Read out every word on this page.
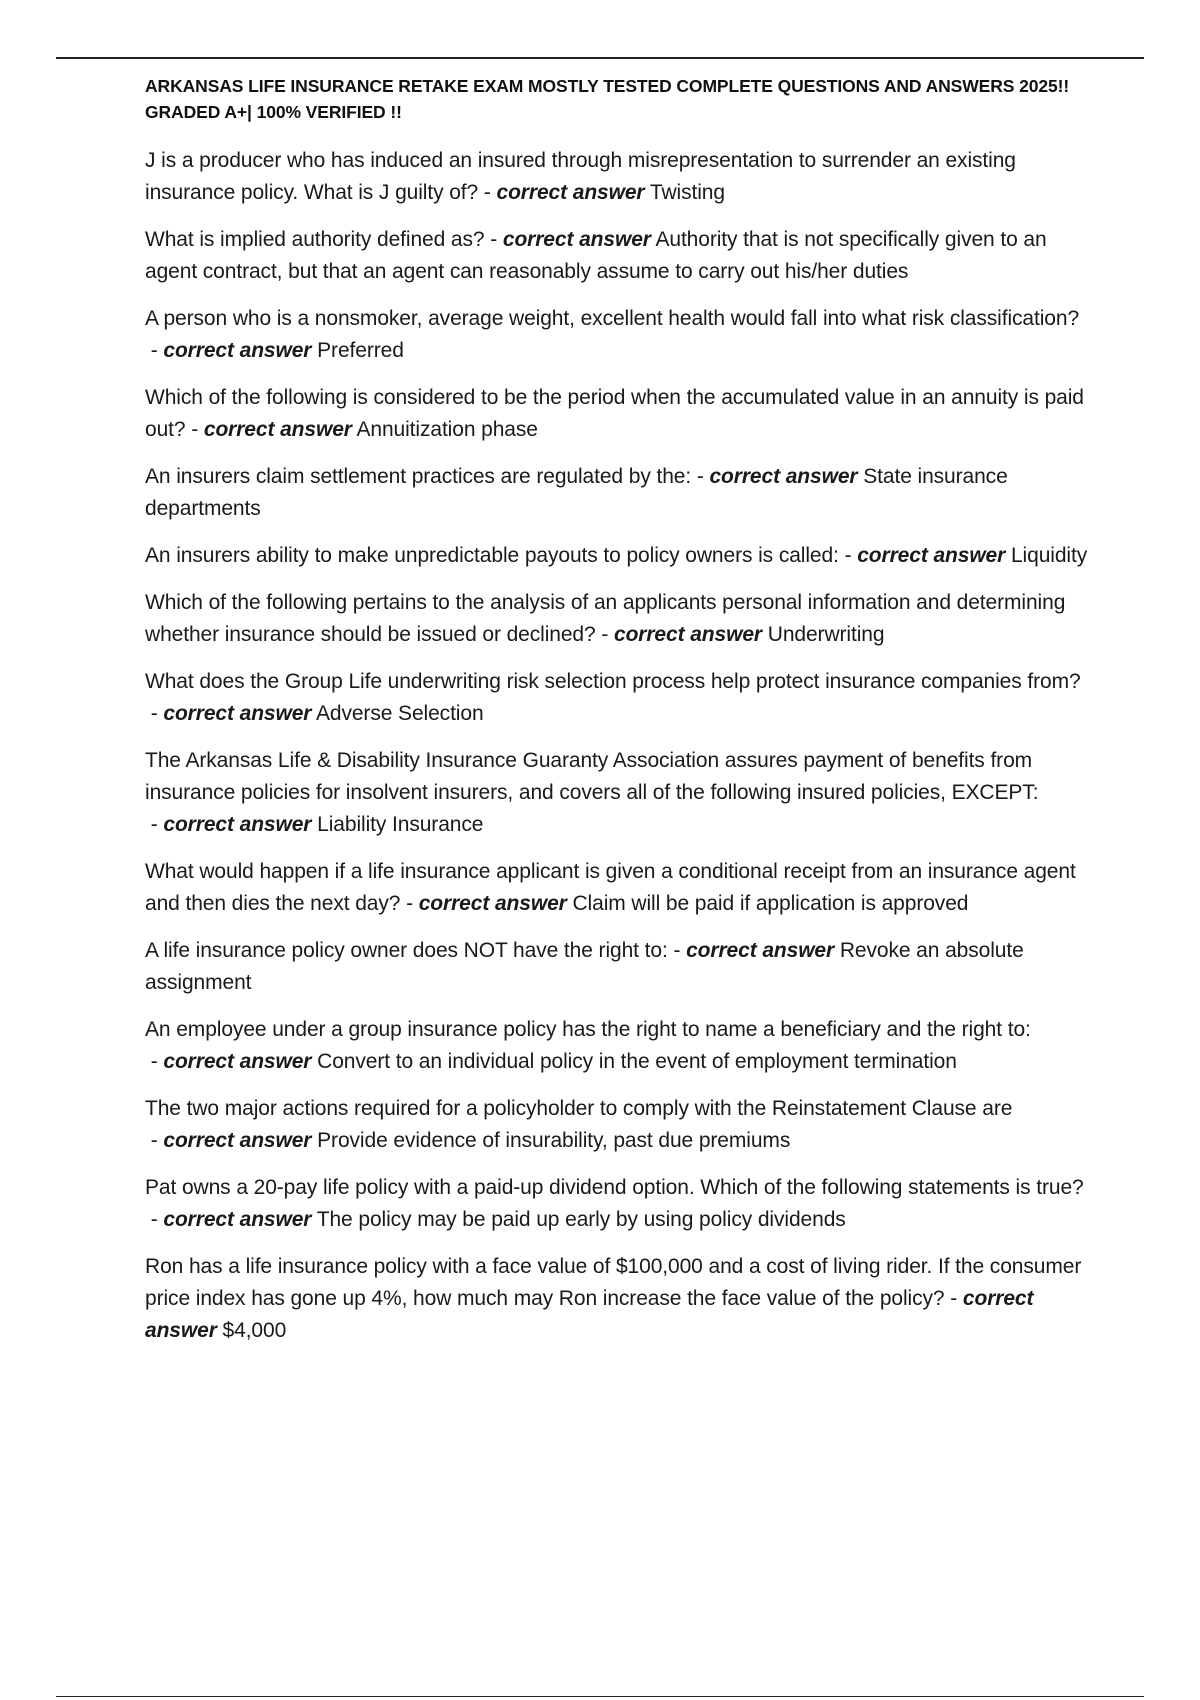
ARKANSAS LIFE INSURANCE RETAKE EXAM MOSTLY TESTED COMPLETE QUESTIONS AND ANSWERS 2025!! GRADED A+| 100% VERIFIED !!
J is a producer who has induced an insured through misrepresentation to surrender an existing insurance policy. What is J guilty of? - correct answer Twisting
What is implied authority defined as? - correct answer Authority that is not specifically given to an agent contract, but that an agent can reasonably assume to carry out his/her duties
A person who is a nonsmoker, average weight, excellent health would fall into what risk classification? - correct answer Preferred
Which of the following is considered to be the period when the accumulated value in an annuity is paid out? - correct answer Annuitization phase
An insurers claim settlement practices are regulated by the: - correct answer State insurance departments
An insurers ability to make unpredictable payouts to policy owners is called: - correct answer Liquidity
Which of the following pertains to the analysis of an applicants personal information and determining whether insurance should be issued or declined? - correct answer Underwriting
What does the Group Life underwriting risk selection process help protect insurance companies from? - correct answer Adverse Selection
The Arkansas Life & Disability Insurance Guaranty Association assures payment of benefits from insurance policies for insolvent insurers, and covers all of the following insured policies, EXCEPT: - correct answer Liability Insurance
What would happen if a life insurance applicant is given a conditional receipt from an insurance agent and then dies the next day? - correct answer Claim will be paid if application is approved
A life insurance policy owner does NOT have the right to: - correct answer Revoke an absolute assignment
An employee under a group insurance policy has the right to name a beneficiary and the right to: - correct answer Convert to an individual policy in the event of employment termination
The two major actions required for a policyholder to comply with the Reinstatement Clause are - correct answer Provide evidence of insurability, past due premiums
Pat owns a 20-pay life policy with a paid-up dividend option. Which of the following statements is true? - correct answer The policy may be paid up early by using policy dividends
Ron has a life insurance policy with a face value of $100,000 and a cost of living rider. If the consumer price index has gone up 4%, how much may Ron increase the face value of the policy? - correct answer $4,000
